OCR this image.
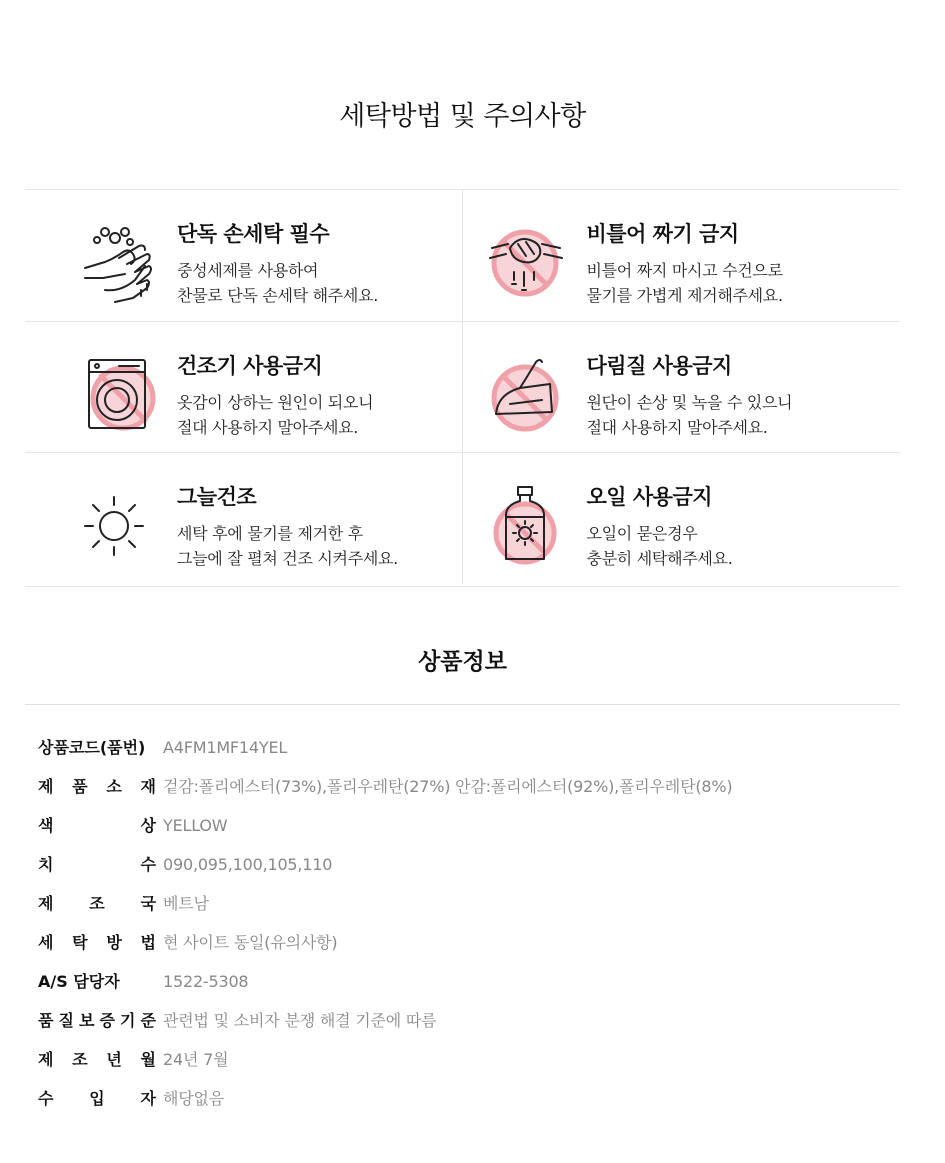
세탁방법 및 주의사항
단독 손세탁 필수
중성세제를 사용하여
찬물로 단독 손세탁 해주세요.
비틀어 짜기 금지
비틀어 짜지 마시고 수건으로
물기를 가볍게 제거해주세요.
건조기 사용금지
옷감이 상하는 원인이 되오니
절대 사용하지 말아주세요.
다림질 사용금지
원단이 손상 및 녹을 수 있으니
절대 사용하지 말아주세요.
그늘건조
세탁 후에 물기를 제거한 후
그늘에 잘 펼쳐 건조 시켜주세요.
오일 사용금지
오일이 묻은경우
충분히 세탁해주세요.
상품정보
상품코드(품번)	A4FM1MF14YEL
제 품 소 재 겉감:폴리에스터(73%),폴리우레탄(27%) 안감:폴리에스터(92%),폴리우레탄(8%)
색	상 YELLOW
치	수 090,095,100,105,110
제 조 국 베트남
세 탁 방 법 현 사이트 동일(유의사항)
A/S 담당자	1522-5308
품 질 보 증 기 준 관련법 및 소비자 분쟁 해결 기준에 따름
제 조 년 월 24년 7월
수 입 자 해당없음
